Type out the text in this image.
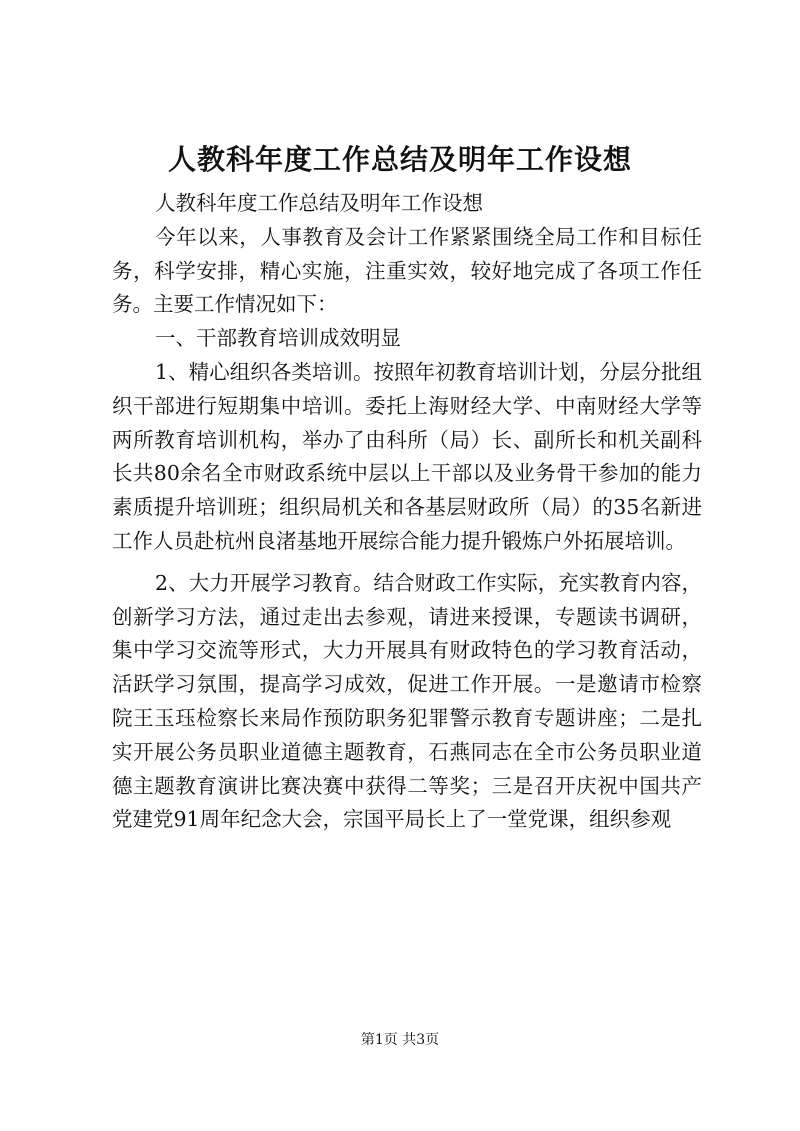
人教科年度工作总结及明年工作设想

人教科年度工作总结及明年工作设想

今年以来，人事教育及会计工作紧紧围绕全局工作和目标任务，科学安排，精心实施，注重实效，较好地完成了各项工作任务。主要工作情况如下：

一、干部教育培训成效明显

1、精心组织各类培训。按照年初教育培训计划，分层分批组织干部进行短期集中培训。委托上海财经大学、中南财经大学等两所教育培训机构，举办了由科所（局）长、副所长和机关副科长共80余名全市财政系统中层以上干部以及业务骨干参加的能力素质提升培训班；组织局机关和各基层财政所（局）的35名新进工作人员赴杭州良渚基地开展综合能力提升锻炼户外拓展培训。

2、大力开展学习教育。结合财政工作实际，充实教育内容，创新学习方法，通过走出去参观，请进来授课，专题读书调研，集中学习交流等形式，大力开展具有财政特色的学习教育活动，活跃学习氛围，提高学习成效，促进工作开展。一是邀请市检察院王玉珏检察长来局作预防职务犯罪警示教育专题讲座；二是扎实开展公务员职业道德主题教育，石燕同志在全市公务员职业道德主题教育演讲比赛决赛中获得二等奖；三是召开庆祝中国共产党建党91周年纪念大会，宗国平局长上了一堂党课，组织参观

第1页 共3页
